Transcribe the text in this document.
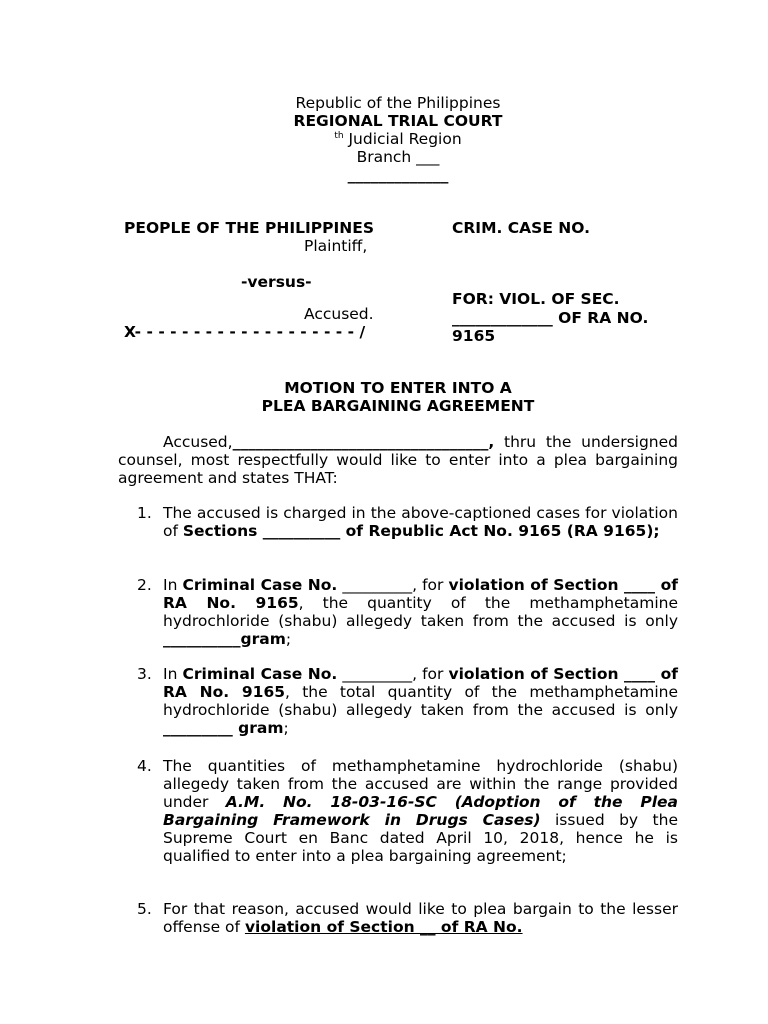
Republic of the Philippines
REGIONAL TRIAL COURT
$^{th}$ Judicial Region
Branch ___
_____________
PEOPLE OF THE PHILIPPINES
Plaintiff,
-versus-
Accused.
X- - - - - - - - - - - - - - - - - - - /
CRIM. CASE NO.
FOR: VIOL. OF SEC.
_____________ OF RA NO.
9165
MOTION TO ENTER INTO A
PLEA BARGAINING AGREEMENT
Accused,_________________________________, thru the undersigned counsel, most respectfully would like to enter into a plea bargaining agreement and states THAT:
1. The accused is charged in the above-captioned cases for violation of Sections __________ of Republic Act No. 9165 (RA 9165);
2. In Criminal Case No. _________, for violation of Section ____ of RA No. 9165, the quantity of the methamphetamine hydrochloride (shabu) allegedy taken from the accused is only __________gram;
3. In Criminal Case No. _________, for violation of Section ____ of RA No. 9165, the total quantity of the methamphetamine hydrochloride (shabu) allegedy taken from the accused is only _________ gram;
4. The quantities of methamphetamine hydrochloride (shabu) allegedy taken from the accused are within the range provided under A.M. No. 18-03-16-SC (Adoption of the Plea Bargaining Framework in Drugs Cases) issued by the Supreme Court en Banc dated April 10, 2018, hence he is qualified to enter into a plea bargaining agreement;
5. For that reason, accused would like to plea bargain to the lesser offense of violation of Section __ of RA No.
